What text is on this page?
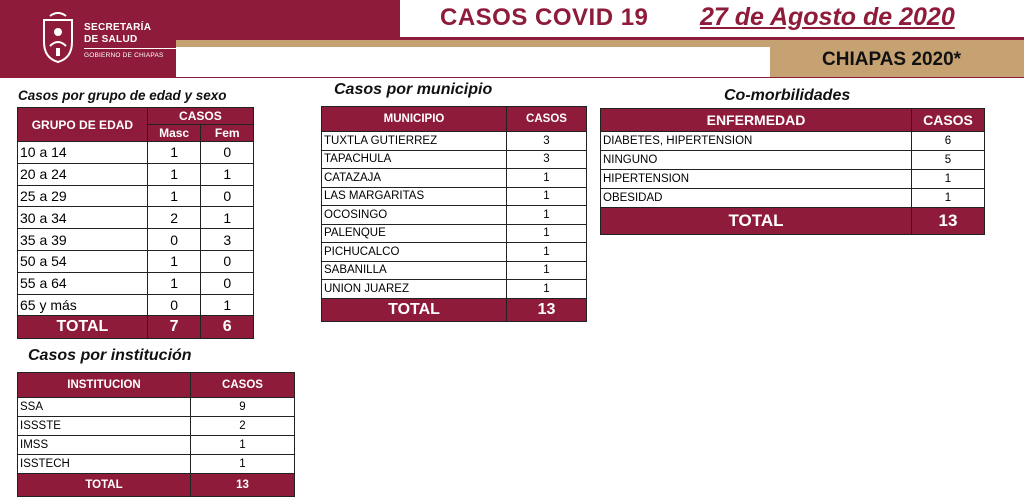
SECRETARÍA
DE SALUD
GOBIERNO DE CHIAPAS
CASOS COVID 19 27 de Agosto de 2020
CHIAPAS 2020*
Casos por grupo de edad y sexo
GRUPO DE EDAD	CASOS	
	Masc	Fem
10 a 14	1	0
20 a 24	1	1
25 a 29	1	0
30 a 34	2	1
35 a 39	0	3
50 a 54	1	0
55 a 64	1	0
65 y más	0	1
TOTAL	7	6
Casos por municipio
MUNICIPIO	CASOS
TUXTLA GUTIERREZ	3
TAPACHULA	3
CATAZAJA	1
LAS MARGARITAS	1
OCOSINGO	1
PALENQUE	1
PICHUCALCO	1
SABANILLA	1
UNION JUAREZ	1
TOTAL	13
Co-morbilidades
ENFERMEDAD	CASOS
DIABETES, HIPERTENSION	6
NINGUNO	5
HIPERTENSION	1
OBESIDAD	1
TOTAL	13
Casos por institución
INSTITUCION	CASOS
SSA	9
ISSSTE	2
IMSS	1
ISSTECH	1
TOTAL	13
